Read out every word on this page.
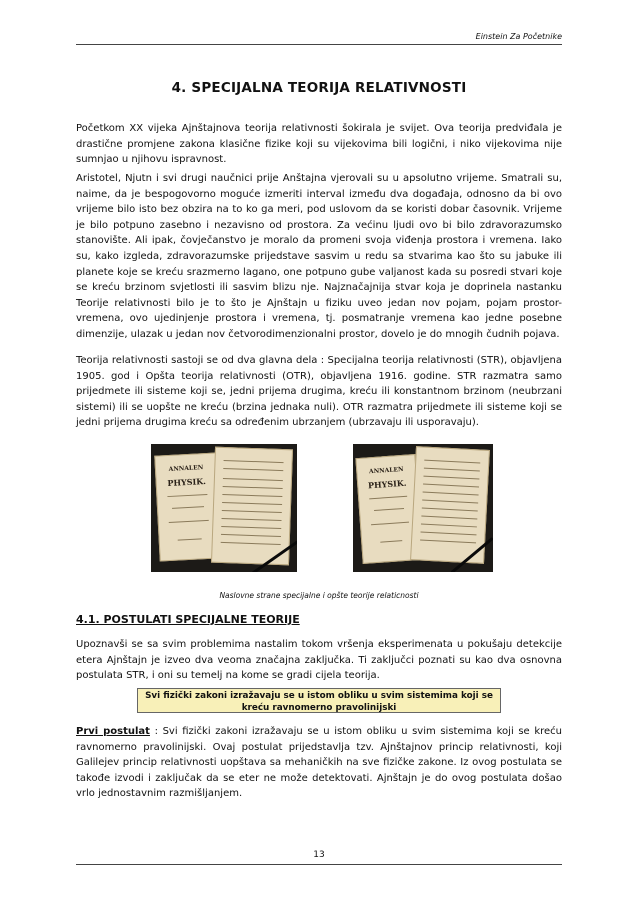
Einstein Za Početnike
4. SPECIJALNA TEORIJA RELATIVNOSTI

Početkom XX vijeka Ajnštajnova teorija relativnosti šokirala je svijet. Ova teorija predviđala je drastične promjene zakona klasične fizike koji su vijekovima bili logični, i niko vijekovima nije sumnjao u njihovu ispravnost.

Aristotel, Njutn i svi drugi naučnici prije Anštajna vjerovali su u apsolutno vrijeme. Smatrali su, naime, da je bespogovorno moguće izmeriti interval između dva događaja, odnosno da bi ovo vrijeme bilo isto bez obzira na to ko ga meri, pod uslovom da se koristi dobar časovnik. Vrijeme je bilo potpuno zasebno i nezavisno od prostora. Za većinu ljudi ovo bi bilo zdravorazumsko stanovište. Ali ipak, čovječanstvo je moralo da promeni svoja viđenja prostora i vremena. Iako su, kako izgleda, zdravorazumske prijedstave sasvim u redu sa stvarima kao što su jabuke ili planete koje se kreću srazmerno lagano, one potpuno gube valjanost kada su posredi stvari koje se kreću brzinom svjetlosti ili sasvim blizu nje. Najznačajnija stvar koja je doprinela nastanku Teorije relativnosti bilo je to što je Ajnštajn u fiziku uveo jedan nov pojam, pojam prostor-vremena, ovo ujedinjenje prostora i vremena, tj. posmatranje vremena kao jedne posebne dimenzije, ulazak u jedan nov četvorodimenzionalni prostor, dovelo je do mnogih čudnih pojava.

Teorija relativnosti sastoji se od dva glavna dela : Specijalna teorija relativnosti (STR), objavljena 1905. god i Opšta teorija relativnosti (OTR), objavljena 1916. godine. STR razmatra samo prijedmete ili sisteme koji se, jedni prijema drugima, kreću ili konstantnom brzinom (neubrzani sistemi) ili se uopšte ne kreću (brzina jednaka nuli). OTR razmatra prijedmete ili sisteme koji se jedni prijema drugima kreću sa određenim ubrzanjem (ubrzavaju ili usporavaju).

ANNALEN
PHYSIK.
ANNALEN
PHYSIK.
Naslovne strane specijalne i opšte teorije relaticnosti
4.1. POSTULATI SPECIJALNE TEORIJE

Upoznavši se sa svim problemima nastalim tokom vršenja eksperimenata u pokušaju detekcije etera Ajnštajn je izveo dva veoma značajna zaključka. Ti zaključci poznati su kao dva osnovna postulata STR, i oni su temelj na kome se gradi cijela teorija.

Svi fizički zakoni izražavaju se u istom obliku u svim sistemima koji se kreću ravnomerno pravolinijski

Prvi postulat : Svi fizički zakoni izražavaju se u istom obliku u svim sistemima koji se kreću ravnomerno pravolinijski. Ovaj postulat prijedstavlja tzv. Ajnštajnov princip relativnosti, koji Galilejev princip relativnosti uopštava sa mehaničkih na sve fizičke zakone. Iz ovog postulata se takođe izvodi i zaključak da se eter ne može detektovati. Ajnštajn je do ovog postulata došao vrlo jednostavnim razmišljanjem.

13
